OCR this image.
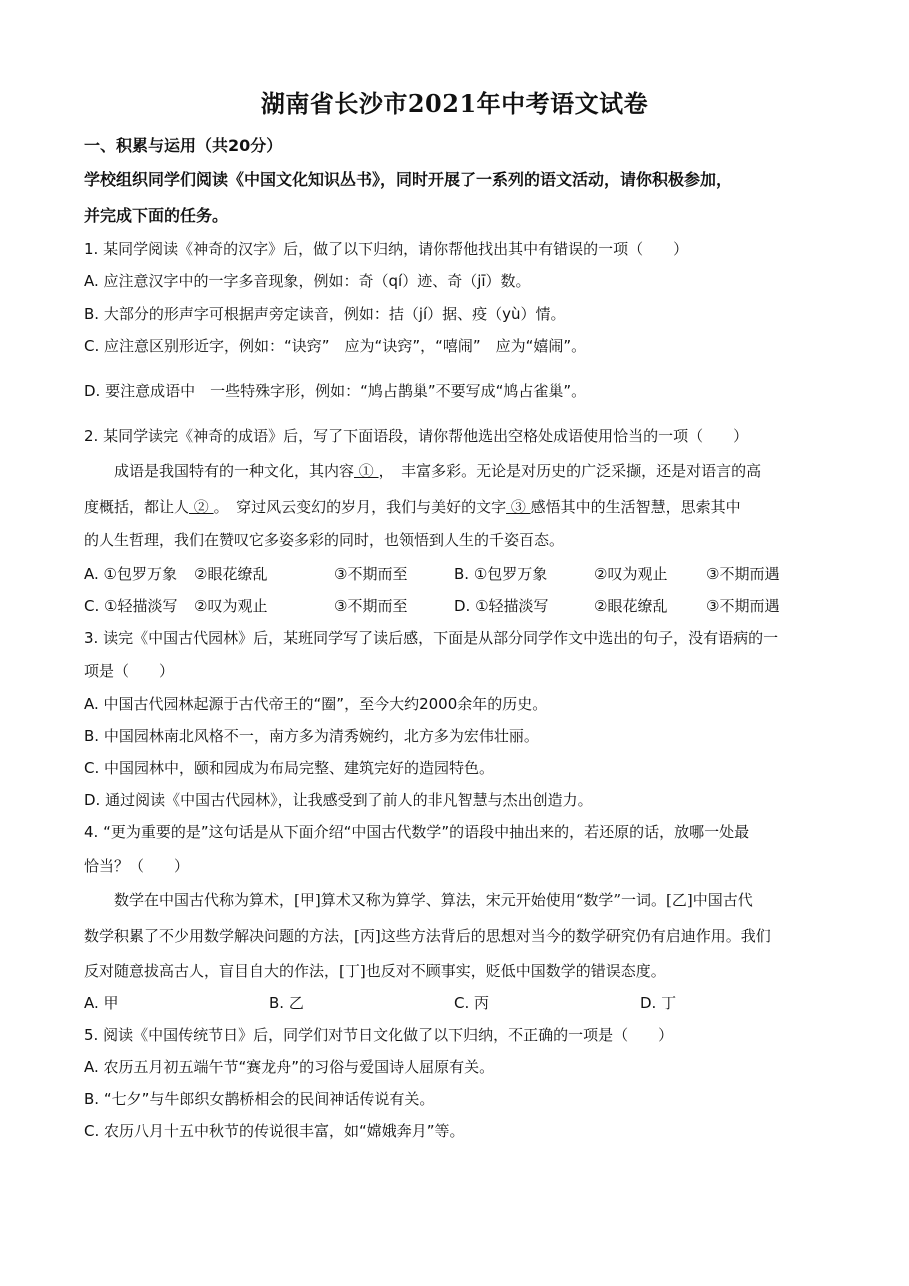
湖南省长沙市2021年中考语文试卷
一、积累与运用（共20分）
学校组织同学们阅读《中国文化知识丛书》，同时开展了一系列的语文活动，请你积极参加，
并完成下面的任务。
1. 某同学阅读《神奇的汉字》后，做了以下归纳，请你帮他找出其中有错误的一项（　　）
A. 应注意汉字中的一字多音现象，例如：奇（qí）迹、奇（jī）数。
B. 大部分的形声字可根据声旁定读音，例如：拮（jí）据、疫（yù）情。
C. 应注意区别形近字，例如：“诀窍”　应为“诀窍”，“嘻闹”　应为“嬉闹”。
D. 要注意成语中　一些特殊字形，例如：“鸠占鹊巢”不要写成“鸠占雀巢”。
2. 某同学读完《神奇的成语》后，写了下面语段，请你帮他选出空格处成语使用恰当的一项（　　）
　　成语是我国特有的一种文化，其内容 ① ，　丰富多彩。无论是对历史的广泛采撷，还是对语言的高
度概括，都让人 ② 。　穿过风云变幻的岁月，我们与美好的文字 ③ 感悟其中的生活智慧，思索其中
的人生哲理，我们在赞叹它多姿多彩的同时，也领悟到人生的千姿百态。
A. ①包罗万象 ②眼花缭乱	③不期而至	B. ①包罗万象	②叹为观止	③不期而遇
C. ①轻描淡写 ②叹为观止	③不期而至	D. ①轻描淡写	②眼花缭乱	③不期而遇
3. 读完《中国古代园林》后，某班同学写了读后感，下面是从部分同学作文中选出的句子，没有语病的一
项是（　　）
A. 中国古代园林起源于古代帝王的“圈”，至今大约2000余年的历史。
B. 中国园林南北风格不一，南方多为清秀婉约，北方多为宏伟壮丽。
C. 中国园林中，颐和园成为布局完整、建筑完好的造园特色。
D. 通过阅读《中国古代园林》，让我感受到了前人的非凡智慧与杰出创造力。
4. “更为重要的是”这句话是从下面介绍“中国古代数学”的语段中抽出来的，若还原的话，放哪一处最
恰当？（　　）
　　数学在中国古代称为算术，[甲]算术又称为算学、算法，宋元开始使用“数学”一词。[乙]中国古代
数学积累了不少用数学解决问题的方法，[丙]这些方法背后的思想对当今的数学研究仍有启迪作用。我们
反对随意拔高古人，盲目自大的作法，[丁]也反对不顾事实，贬低中国数学的错误态度。
A. 甲	B. 乙	C. 丙	D. 丁
5. 阅读《中国传统节日》后，同学们对节日文化做了以下归纳，不正确的一项是（　　）
A. 农历五月初五端午节“赛龙舟”的习俗与爱国诗人屈原有关。
B. “七夕”与牛郎织女鹊桥相会的民间神话传说有关。
C. 农历八月十五中秋节的传说很丰富，如“嫦娥奔月”等。
